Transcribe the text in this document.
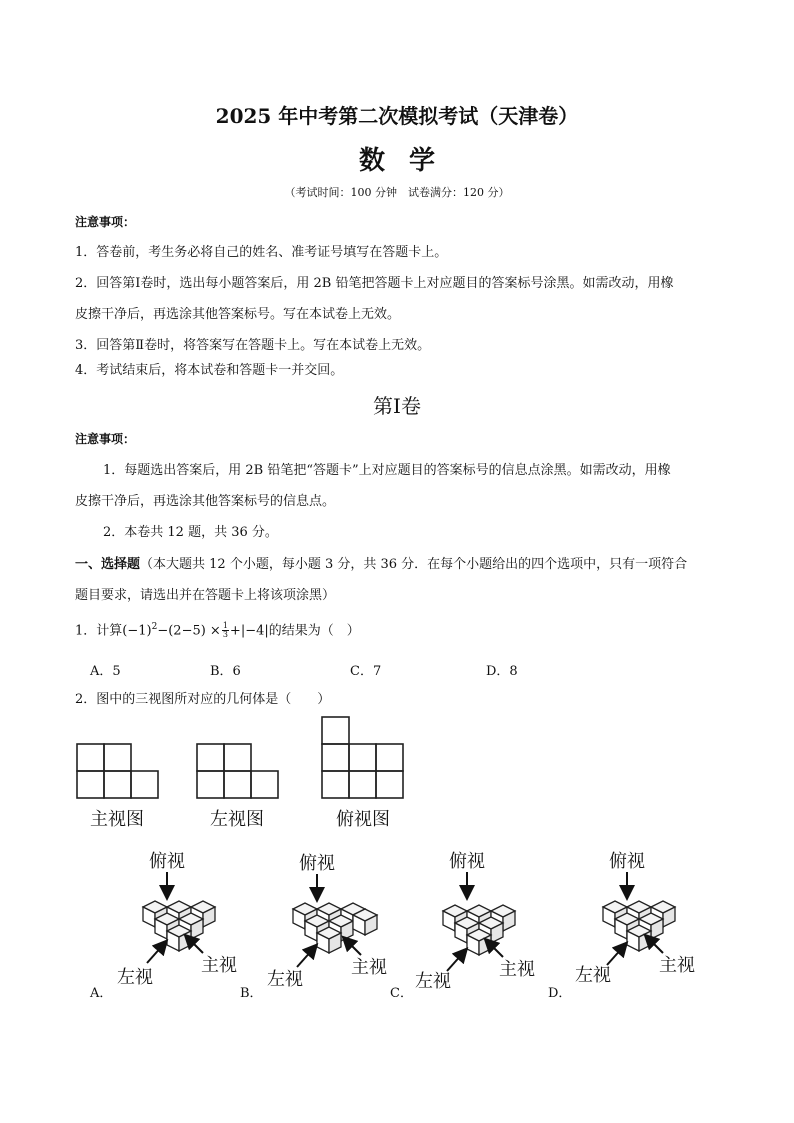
2025 年中考第二次模拟考试（天津卷）
数学
（考试时间：100 分钟　试卷满分：120 分）
注意事项：
1．答卷前，考生务必将自己的姓名、准考证号填写在答题卡上。
2．回答第Ⅰ卷时，选出每小题答案后，用 2B 铅笔把答题卡上对应题目的答案标号涂黑。如需改动，用橡
皮擦干净后，再选涂其他答案标号。写在本试卷上无效。
3．回答第Ⅱ卷时，将答案写在答题卡上。写在本试卷上无效。
4．考试结束后，将本试卷和答题卡一并交回。
第Ⅰ卷
注意事项：
1．每题选出答案后，用 2B 铅笔把“答题卡”上对应题目的答案标号的信息点涂黑。如需改动，用橡
皮擦干净后，再选涂其他答案标号的信息点。
2．本卷共 12 题，共 36 分。
一、选择题（本大题共 12 个小题，每小题 3 分，共 36 分．在每个小题给出的四个选项中，只有一项符合
题目要求，请选出并在答题卡上将该项涂黑）
1．计算$(-1)^2-(2-5) \times \frac{1}{3} +|-4|$的结果为（　）
A．5	B．6	C．7	D．8
2．图中的三视图所对应的几何体是（　　）
主视图	左视图	俯视图
俯视
左视
主视
俯视
左视
主视
俯视
左视
主视
俯视
左视	主视
A．	B．	C．	D．
